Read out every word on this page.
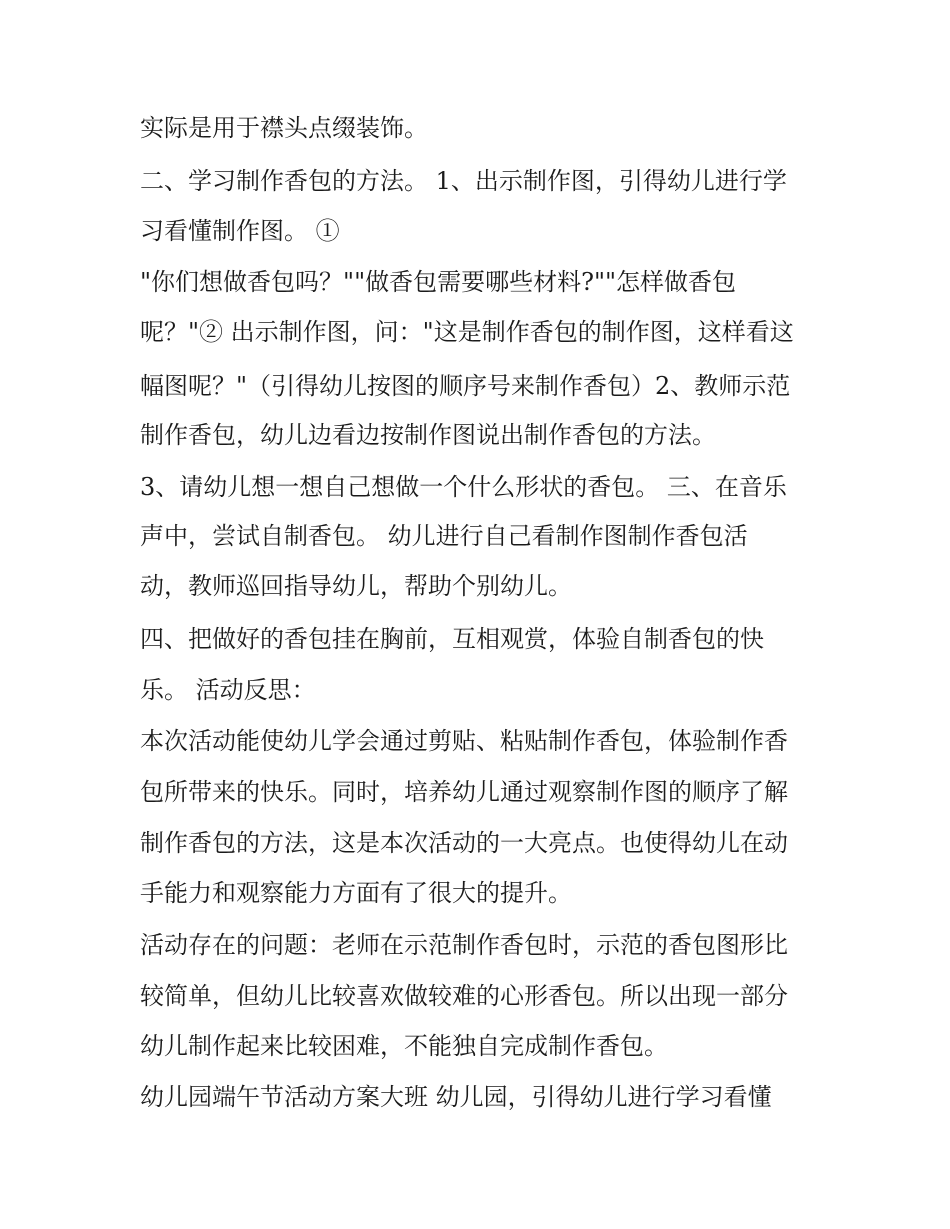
实际是用于襟头点缀装饰。

二、学习制作香包的方法。 1、出示制作图，引得幼儿进行学

习看懂制作图。 ①

"你们想做香包吗？""做香包需要哪些材料?""怎样做香包

呢？"② 出示制作图，问："这是制作香包的制作图，这样看这

幅图呢？"（引得幼儿按图的顺序号来制作香包）2、教师示范

制作香包，幼儿边看边按制作图说出制作香包的方法。

3、请幼儿想一想自己想做一个什么形状的香包。 三、在音乐

声中，尝试自制香包。 幼儿进行自己看制作图制作香包活

动，教师巡回指导幼儿，帮助个别幼儿。

四、把做好的香包挂在胸前，互相观赏，体验自制香包的快

乐。 活动反思：

本次活动能使幼儿学会通过剪贴、粘贴制作香包，体验制作香

包所带来的快乐。同时，培养幼儿通过观察制作图的顺序了解

制作香包的方法，这是本次活动的一大亮点。也使得幼儿在动

手能力和观察能力方面有了很大的提升。

活动存在的问题：老师在示范制作香包时，示范的香包图形比

较简单，但幼儿比较喜欢做较难的心形香包。所以出现一部分

幼儿制作起来比较困难，不能独自完成制作香包。

幼儿园端午节活动方案大班 幼儿园，引得幼儿进行学习看懂
